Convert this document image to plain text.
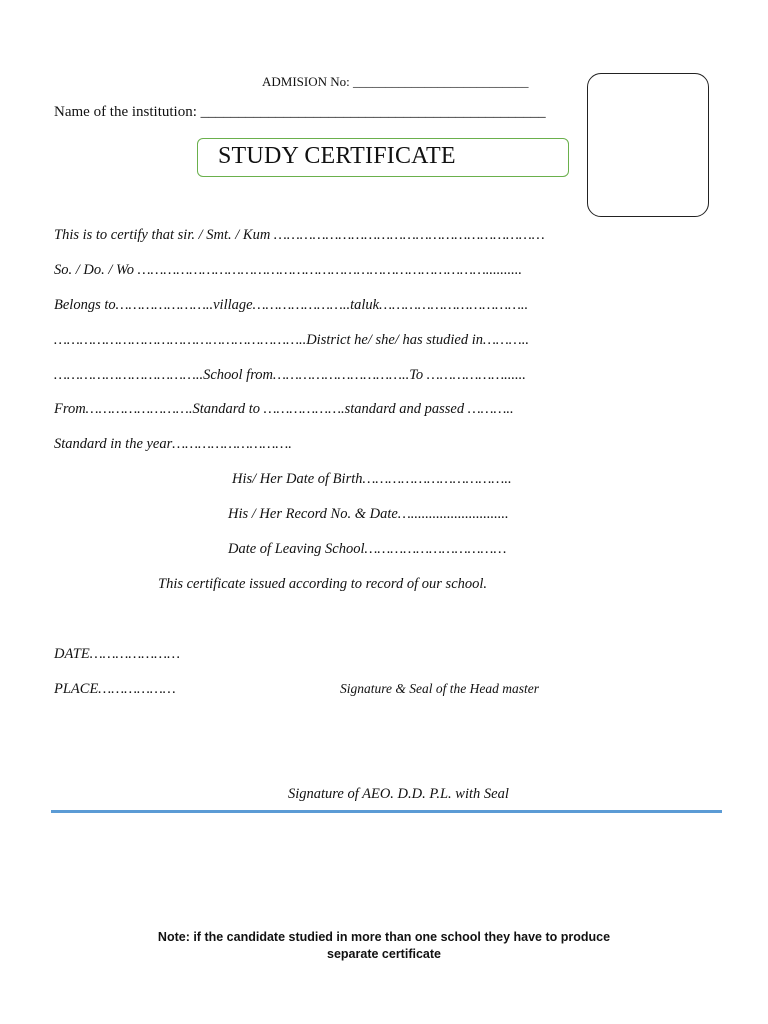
ADMISION No: ___________________________
Name of the institution: ______________________________________________
STUDY CERTIFICATE
This is to certify that sir. / Smt. / Kum ………………………………………………………
So. / Do. / Wo ………………………………………………………………………..........
Belongs to…………………..village…………………..taluk……………………………..
…………………………………………………..District he/ she/ has studied in………..
……………………………..School from…………………………..To ………………......
From…………………….Standard to ……………….standard and passed ………..
Standard in the year……………………….
His/ Her Date of Birth……………………………..
His / Her Record No. & Date…...........................
Date of Leaving School……………………………
This certificate issued according to record of our school.
DATE…………………
PLACE………………	Signature & Seal of the Head master
Signature of AEO. D.D. P.L. with Seal
Note: if the candidate studied in more than one school they have to produce
separate certificate
